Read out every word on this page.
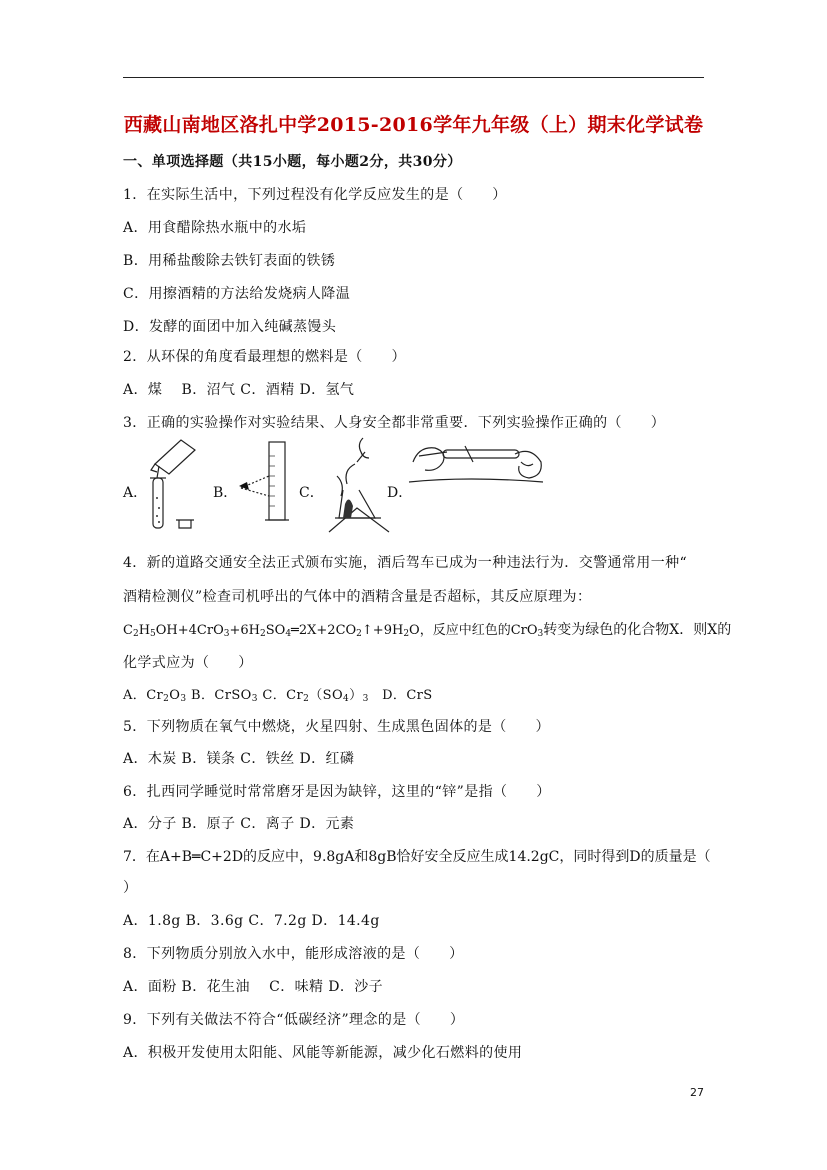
西藏山南地区洛扎中学2015-2016学年九年级（上）期末化学试卷
一、单项选择题（共15小题，每小题2分，共30分）
1．在实际生活中，下列过程没有化学反应发生的是（　　）
A．用食醋除热水瓶中的水垢
B．用稀盐酸除去铁钉表面的铁锈
C．用擦酒精的方法给发烧病人降温
D．发酵的面团中加入纯碱蒸馒头
2．从环保的角度看最理想的燃料是（　　）
A．煤　 B．沼气 C．酒精 D．氢气
3．正确的实验操作对实验结果、人身安全都非常重要．下列实验操作正确的（　　）
A．	B．	C．	D．
4．新的道路交通安全法正式颁布实施，酒后驾车已成为一种违法行为．交警通常用一种“
酒精检测仪”检查司机呼出的气体中的酒精含量是否超标，其反应原理为：
$C_2H_5OH+4CrO_3+6H_2SO_4═2X+2CO_2↑+9H_2O$，反应中红色的CrO$_3$转变为绿色的化合物X．则X的
化学式应为（　　）
A．$Cr_2O_3$ B．CrSO$_3$ C．$Cr_2(SO_4)_3$　D．CrS
5．下列物质在氧气中燃烧，火星四射、生成黑色固体的是（　　）
A．木炭 B．镁条 C．铁丝 D．红磷
6．扎西同学睡觉时常常磨牙是因为缺锌，这里的“锌”是指（　　）
A．分子 B．原子 C．离子 D．元素
7．在A+B═C+2D的反应中，9.8gA和8gB恰好安全反应生成14.2gC，同时得到D的质量是（
）
A．1.8g B．3.6g C．7.2g D．14.4g
8．下列物质分别放入水中，能形成溶液的是（　　）
A．面粉 B．花生油　 C．味精 D．沙子
9．下列有关做法不符合“低碳经济”理念的是（　　）
A．积极开发使用太阳能、风能等新能源，减少化石燃料的使用
27
